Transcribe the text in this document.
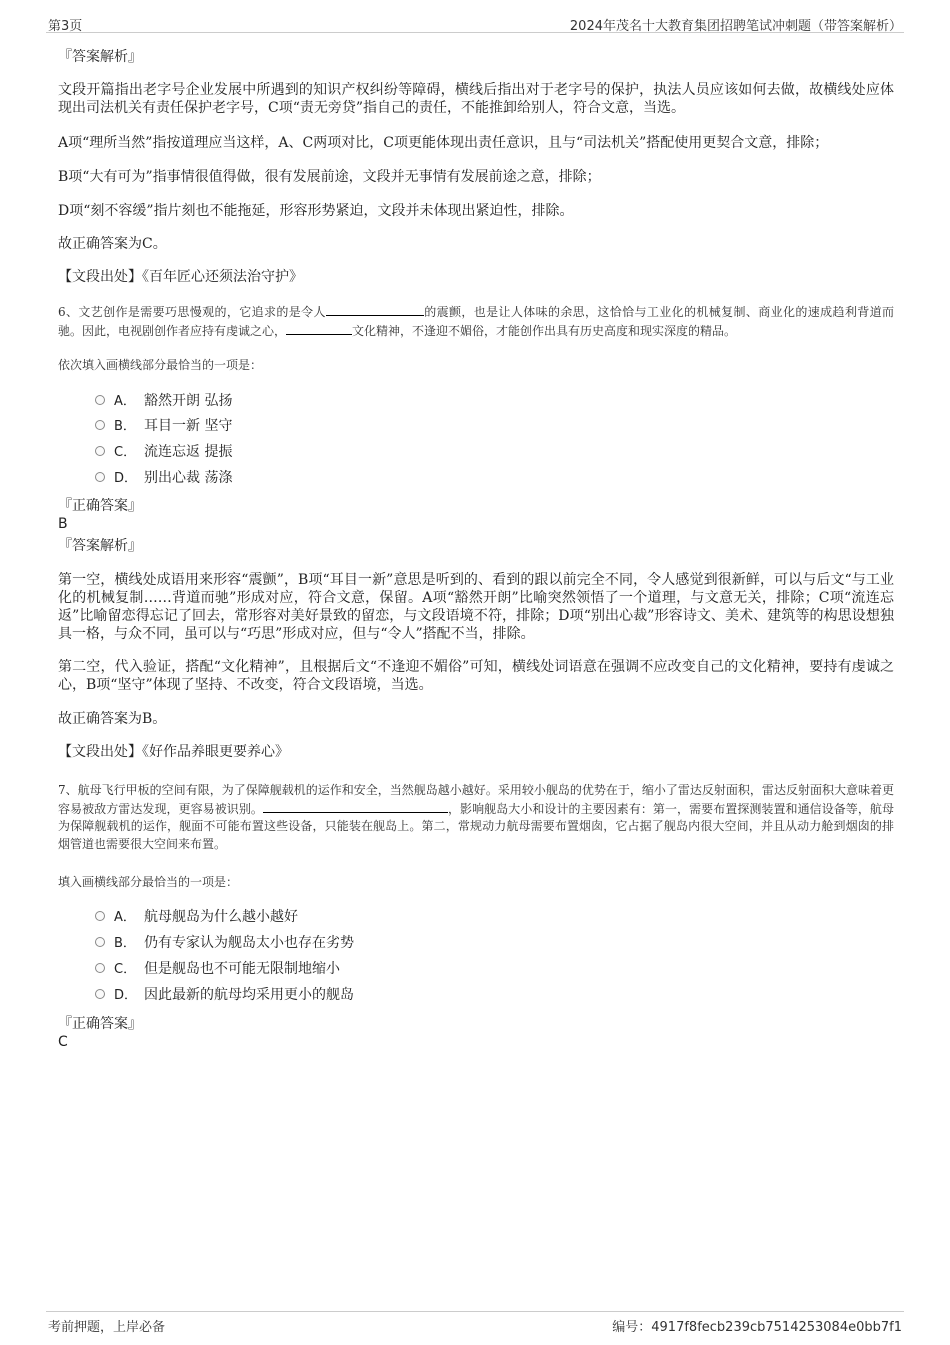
第3页	2024年茂名十大教育集团招聘笔试冲刺题（带答案解析）

『答案解析』

文段开篇指出老字号企业发展中所遇到的知识产权纠纷等障碍，横线后指出对于老字号的保护，执法人员应该如何去做，故横线处应体现出司法机关有责任保护老字号，C项“责无旁贷”指自己的责任，不能推卸给别人，符合文意，当选。

A项“理所当然”指按道理应当这样，A、C两项对比，C项更能体现出责任意识，且与“司法机关”搭配使用更契合文意，排除；

B项“大有可为”指事情很值得做，很有发展前途，文段并无事情有发展前途之意，排除；

D项“刻不容缓”指片刻也不能拖延，形容形势紧迫，文段并未体现出紧迫性，排除。

故正确答案为C。

【文段出处】《百年匠心还须法治守护》

6、文艺创作是需要巧思慢观的，它追求的是令人	的震颤，也是让人体味的余思，这恰恰与工业化的机械复制、商业化的速成趋利背道而驰。因此，电视剧创作者应持有虔诚之心，	文化精神，不逢迎不媚俗，才能创作出具有历史高度和现实深度的精品。

依次填入画横线部分最恰当的一项是：

A． 豁然开朗 弘扬
B． 耳目一新 坚守
C． 流连忘返 提振
D． 别出心裁 荡涤

『正确答案』

B

『答案解析』

第一空，横线处成语用来形容“震颤”，B项“耳目一新”意思是听到的、看到的跟以前完全不同，令人感觉到很新鲜，可以与后文“与工业化的机械复制……背道而驰”形成对应，符合文意，保留。A项“豁然开朗”比喻突然领悟了一个道理，与文意无关，排除；C项“流连忘返”比喻留恋得忘记了回去，常形容对美好景致的留恋，与文段语境不符，排除；D项“别出心裁”形容诗文、美术、建筑等的构思设想独具一格，与众不同，虽可以与“巧思”形成对应，但与“令人”搭配不当，排除。

第二空，代入验证，搭配“文化精神”，且根据后文“不逢迎不媚俗”可知，横线处词语意在强调不应改变自己的文化精神，要持有虔诚之心，B项“坚守”体现了坚持、不改变，符合文段语境，当选。

故正确答案为B。

【文段出处】《好作品养眼更要养心》

7、航母飞行甲板的空间有限，为了保障舰载机的运作和安全，当然舰岛越小越好。采用较小舰岛的优势在于，缩小了雷达反射面积，雷达反射面积大意味着更容易被敌方雷达发现，更容易被识别。	，影响舰岛大小和设计的主要因素有：第一，需要布置探测装置和通信设备等，航母为保障舰载机的运作，舰面不可能布置这些设备，只能装在舰岛上。第二，常规动力航母需要布置烟囱，它占据了舰岛内很大空间，并且从动力舱到烟囱的排烟管道也需要很大空间来布置。

填入画横线部分最恰当的一项是：

A． 航母舰岛为什么越小越好
B． 仍有专家认为舰岛太小也存在劣势
C． 但是舰岛也不可能无限制地缩小
D． 因此最新的航母均采用更小的舰岛

『正确答案』

C

考前押题，上岸必备	编号：4917f8fecb239cb7514253084e0bb7f1
